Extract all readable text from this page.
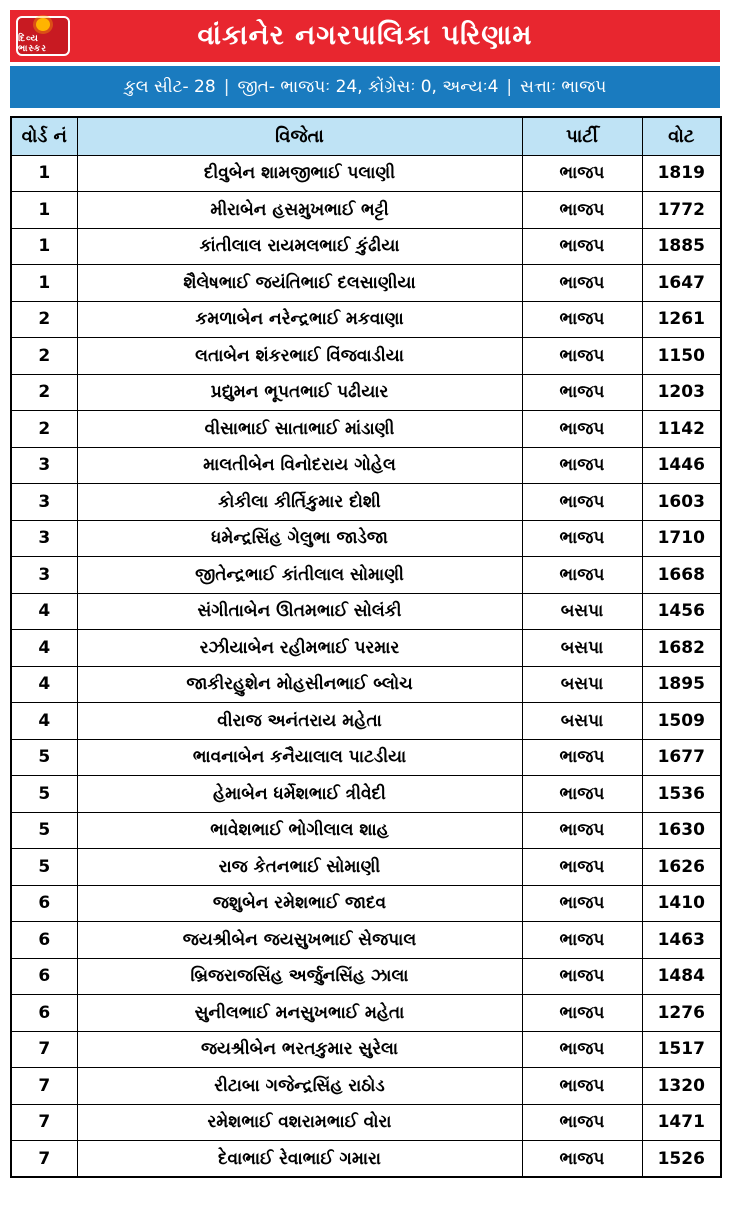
દિવ્ય ભાસ્કર	વાંકાનેર નગરપાલિકા પરિણામ
કુલ સીટ- 28 | જીત- ભાજપઃ 24, કોંગ્રેસઃ 0, અન્યઃ4 | સત્તાઃ ભાજપ
વોર્ડ નં	વિજેતા	પાર્ટી	વોટ
1	દીવુબેન શામજીભાઈ પલાણી	ભાજપ	1819
1	મીરાબેન હસમુખભાઈ ભટ્ટી	ભાજપ	1772
1	કાંતીલાલ રાયમલભાઈ કુંઢીયા	ભાજપ	1885
1	શૈલેષભાઈ જયંતિભાઈ દલસાણીયા	ભાજપ	1647
2	કમળાબેન નરેન્દ્રભાઈ મકવાણા	ભાજપ	1261
2	લતાબેન શંકરભાઈ વિંજવાડીયા	ભાજપ	1150
2	પ્રદ્યુમન ભૂપતભાઈ પઢીયાર	ભાજપ	1203
2	વીસાભાઈ સાતાભાઈ માંડાણી	ભાજપ	1142
3	માલતીબેન વિનોદરાય ગોહેલ	ભાજપ	1446
3	કોકીલા કીર્તિકુમાર દોશી	ભાજપ	1603
3	ધમેન્દ્રસિંહ ગેલુભા જાડેજા	ભાજપ	1710
3	જીતેન્દ્રભાઈ કાંતીલાલ સોમાણી	ભાજપ	1668
4	સંગીતાબેન ઊતમભાઈ સોલંકી	બસપા	1456
4	રઝીયાબેન રહીમભાઈ પરમાર	બસપા	1682
4	જાકીરહુશેન મોહસીનભાઈ બ્લોચ	બસપા	1895
4	વીરાજ અનંતરાય મહેતા	બસપા	1509
5	ભાવનાબેન કનૈયાલાલ પાટડીયા	ભાજપ	1677
5	હેમાબેન ધર્મેશભાઈ ત્રીવેદી	ભાજપ	1536
5	ભાવેશભાઈ ભોગીલાલ શાહ	ભાજપ	1630
5	રાજ કેતનભાઈ સોમાણી	ભાજપ	1626
6	જશુબેન રમેશભાઈ જાદવ	ભાજપ	1410
6	જયશ્રીબેન જયસુખભાઈ સેજપાલ	ભાજપ	1463
6	બ્રિજરાજસિંહ અર્જુનસિંહ ઝાલા	ભાજપ	1484
6	સુનીલભાઈ મનસુખભાઈ મહેતા	ભાજપ	1276
7	જયશ્રીબેન ભરતકુમાર સુરેલા	ભાજપ	1517
7	રીટાબા ગજેન્દ્રસિંહ રાઠોડ	ભાજપ	1320
7	રમેશભાઈ વશરામભાઈ વોરા	ભાજપ	1471
7	દેવાભાઈ રેવાભાઈ ગમારા	ભાજપ	1526
